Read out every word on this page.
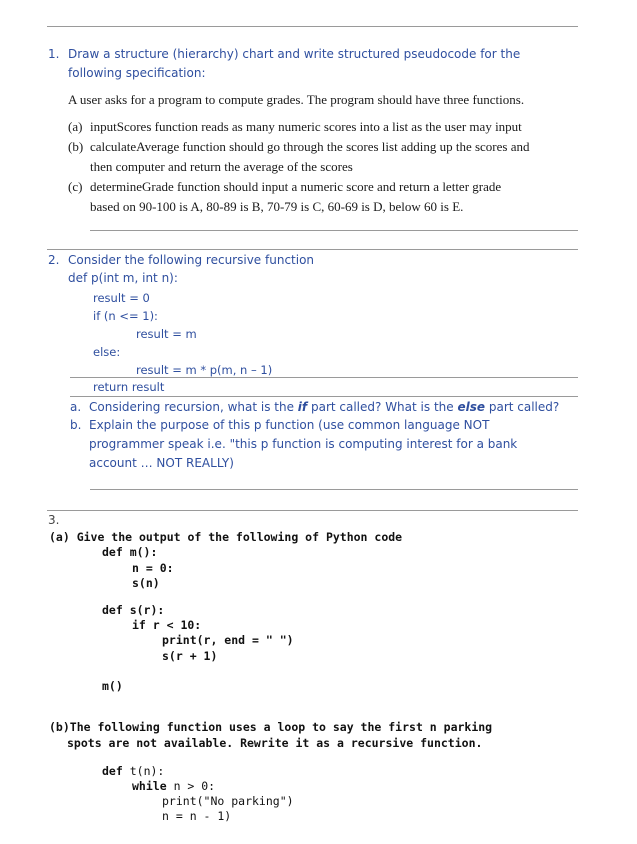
1. Draw a structure (hierarchy) chart and write structured pseudocode for the
following specification:
A user asks for a program to compute grades. The program should have three functions.
(a) inputScores function reads as many numeric scores into a list as the user may input
(b) calculateAverage function should go through the scores list adding up the scores and
then computer and return the average of the scores
(c) determineGrade function should input a numeric score and return a letter grade
based on 90-100 is A, 80-89 is B, 70-79 is C, 60-69 is D, below 60 is E.
2. Consider the following recursive function
def p(int m, int n):
result = 0
if (n <= 1):
result = m
else:
result = m * p(m, n – 1)
return result
a. Considering recursion, what is the if part called? What is the else part called?
b. Explain the purpose of this p function (use common language NOT
programmer speak i.e. "this p function is computing interest for a bank
account … NOT REALLY)
3.
(a) Give the output of the following of Python code
def m():
n = 0:
s(n)
def s(r):
if r < 10:
print(r, end = " ")
s(r + 1)
m()
(b)The following function uses a loop to say the first n parking
spots are not available. Rewrite it as a recursive function.
def t(n):
while n > 0:
print("No parking")
n = n - 1)
